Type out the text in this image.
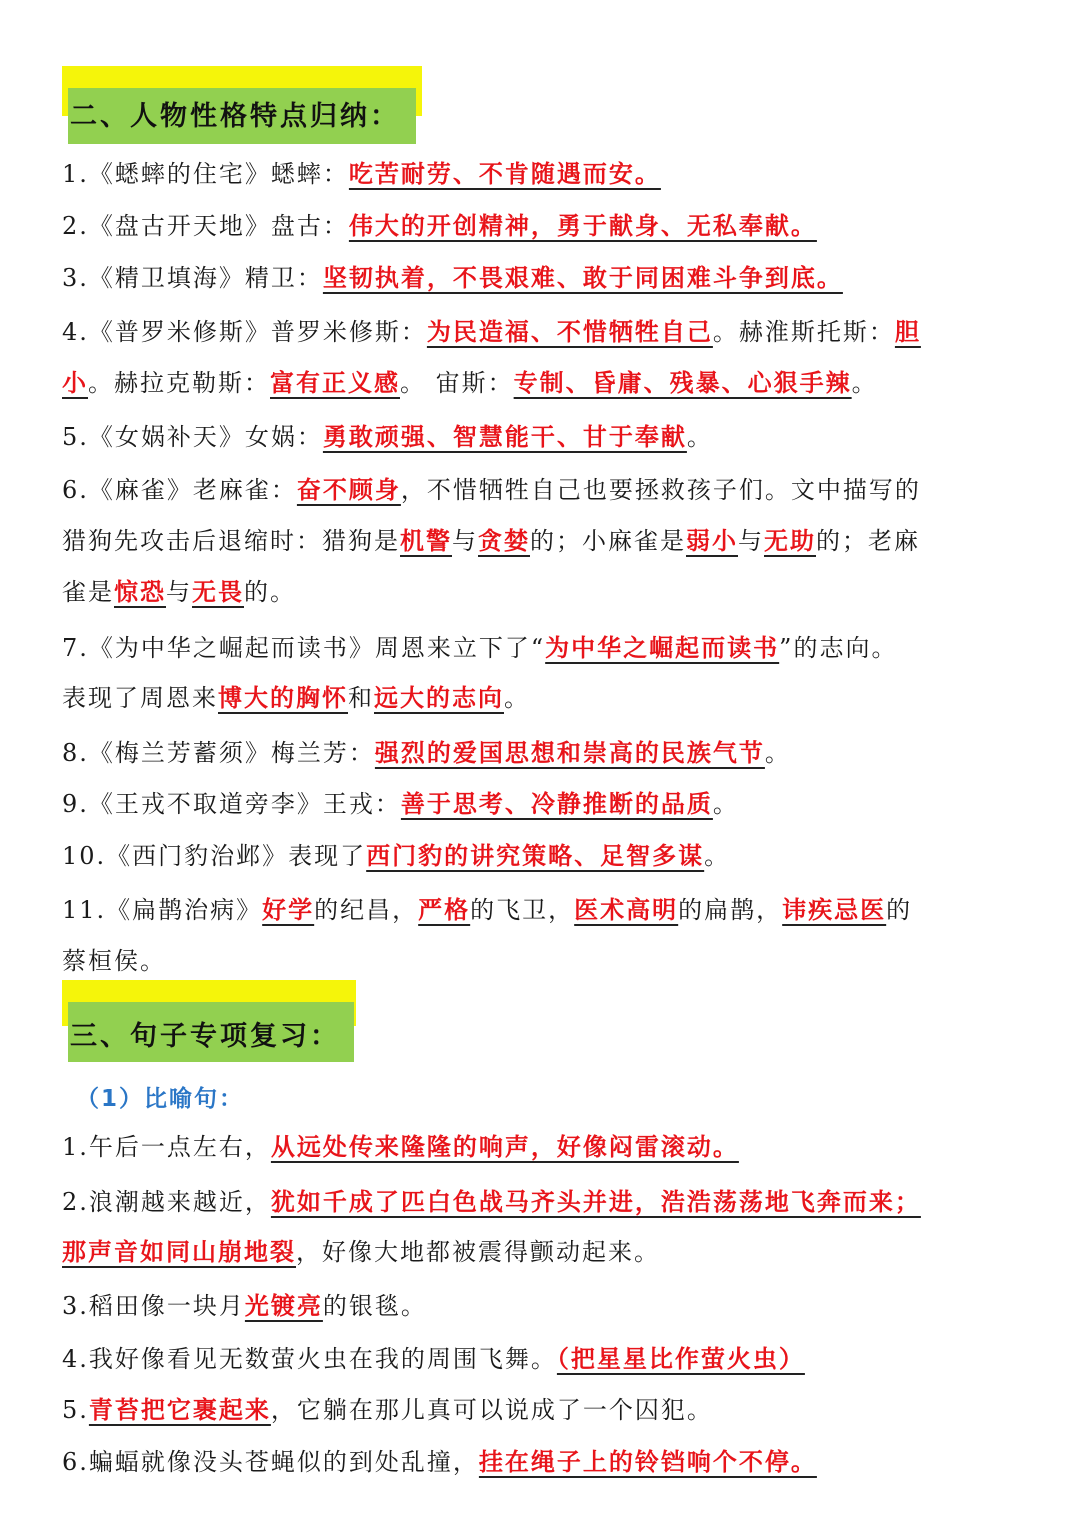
二、人物性格特点归纳：
1.《蟋蟀的住宅》蟋蟀：吃苦耐劳、不肯随遇而安。
2.《盘古开天地》盘古：伟大的开创精神，勇于献身、无私奉献。
3.《精卫填海》精卫：坚韧执着，不畏艰难、敢于同困难斗争到底。
4.《普罗米修斯》普罗米修斯：为民造福、不惜牺牲自己。赫淮斯托斯：胆
小。赫拉克勒斯：富有正义感。 宙斯：专制、昏庸、残暴、心狠手辣。
5.《女娲补天》女娲：勇敢顽强、智慧能干、甘于奉献。
6.《麻雀》老麻雀：奋不顾身，不惜牺牲自己也要拯救孩子们。文中描写的
猎狗先攻击后退缩时：猎狗是机警与贪婪的；小麻雀是弱小与无助的；老麻
雀是惊恐与无畏的。
7.《为中华之崛起而读书》周恩来立下了“为中华之崛起而读书”的志向。
表现了周恩来博大的胸怀和远大的志向。
8.《梅兰芳蓄须》梅兰芳：强烈的爱国思想和崇高的民族气节。
9.《王戎不取道旁李》王戎：善于思考、冷静推断的品质。
10.《西门豹治邺》表现了西门豹的讲究策略、足智多谋。
11.《扁鹊治病》好学的纪昌，严格的飞卫，医术高明的扁鹊，讳疾忌医的
蔡桓侯。
三、句子专项复习：
（1）比喻句：
1.午后一点左右，从远处传来隆隆的响声，好像闷雷滚动。
2.浪潮越来越近，犹如千成了匹白色战马齐头并进，浩浩荡荡地飞奔而来；
那声音如同山崩地裂，好像大地都被震得颤动起来。
3.稻田像一块月光镀亮的银毯。
4.我好像看见无数萤火虫在我的周围飞舞。（把星星比作萤火虫）
5.青苔把它裹起来，它躺在那儿真可以说成了一个囚犯。
6.蝙蝠就像没头苍蝇似的到处乱撞，挂在绳子上的铃铛响个不停。
